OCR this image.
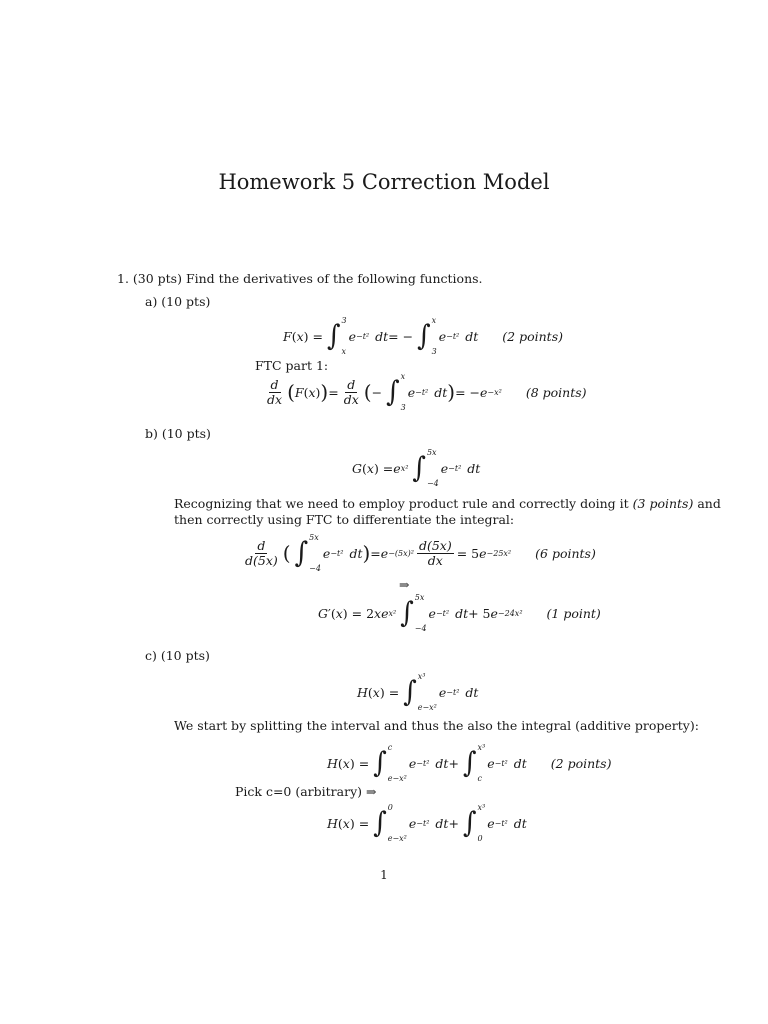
Homework 5 Correction Model
1. (30 pts) Find the derivatives of the following functions.
a) (10 pts)
F ( x ) = ∫ 3
x
e −t² dt = − ∫ x
3
e −t² dt (2 points)
FTC part 1:
$\frac{d}{dx}$ ( F ( x ) ) = $\frac{d}{dx}$ ( − ∫ x
3
e −t² dt ) = − e −x² (8 points)
b) (10 pts)
G ( x ) = e x² ∫ 5x
−4
e −t² dt
Recognizing that we need to employ product rule and correctly doing it (3 points) and
then correctly using FTC to differentiate the integral:
$\frac{d}{d(5x)}$ ( ∫ 5x
−4
e −t² dt ) = $e -(5x)^2 \frac{d(5x)}{dx} = 5$ e −25x² (6 points)
⇒
G ′( x ) = 2 xe x² ∫ 5x
−4
e −t² dt + 5 e −24x² (1 point)
c) (10 pts)
H ( x ) = ∫ x³
e−x²
e −t² dt
We start by splitting the interval and thus the also the integral (additive property):
H ( x ) = ∫ c
e−x²
e −t² dt + ∫ x³
c
e −t² dt (2 points)
Pick c=0 (arbitrary) ⇒
H ( x ) = ∫ 0
e−x²
e −t² dt + ∫ x³
0
e −t² dt
1
